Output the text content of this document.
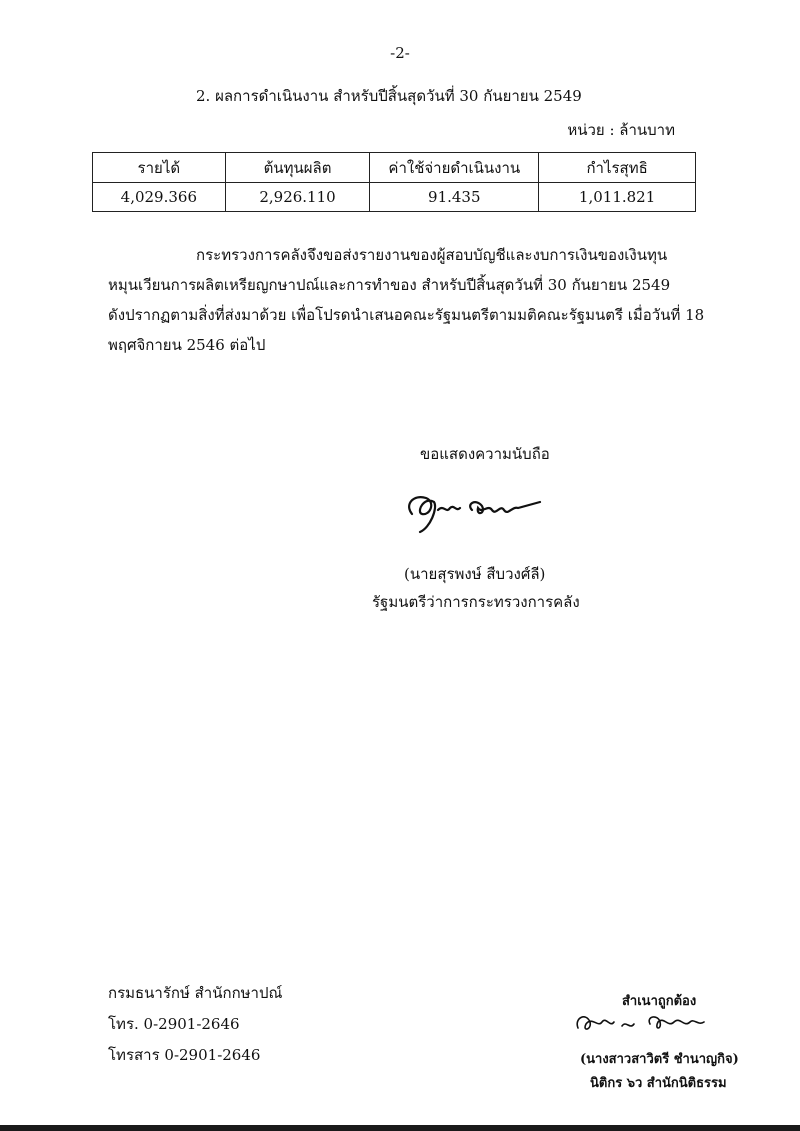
-2-
2. ผลการดำเนินงาน สำหรับปีสิ้นสุดวันที่ 30 กันยายน 2549
หน่วย : ล้านบาท
รายได้	ต้นทุนผลิต	ค่าใช้จ่ายดำเนินงาน	กำไรสุทธิ
4,029.366	2,926.110	91.435	1,011.821

กระทรวงการคลังจึงขอส่งรายงานของผู้สอบบัญชีและงบการเงินของเงินทุน

หมุนเวียนการผลิตเหรียญกษาปณ์และการทำของ สำหรับปีสิ้นสุดวันที่ 30 กันยายน 2549

ดังปรากฏตามสิ่งที่ส่งมาด้วย เพื่อโปรดนำเสนอคณะรัฐมนตรีตามมติคณะรัฐมนตรี เมื่อวันที่ 18

พฤศจิกายน 2546 ต่อไป

ขอแสดงความนับถือ
(นายสุรพงษ์ สืบวงศ์ลี)
รัฐมนตรีว่าการกระทรวงการคลัง
กรมธนารักษ์ สำนักกษาปณ์
โทร. 0-2901-2646
โทรสาร 0-2901-2646
สำเนาถูกต้อง
(นางสาวสาวิตรี ชำนาญกิจ)
นิติกร ๖ว สำนักนิติธรรม
